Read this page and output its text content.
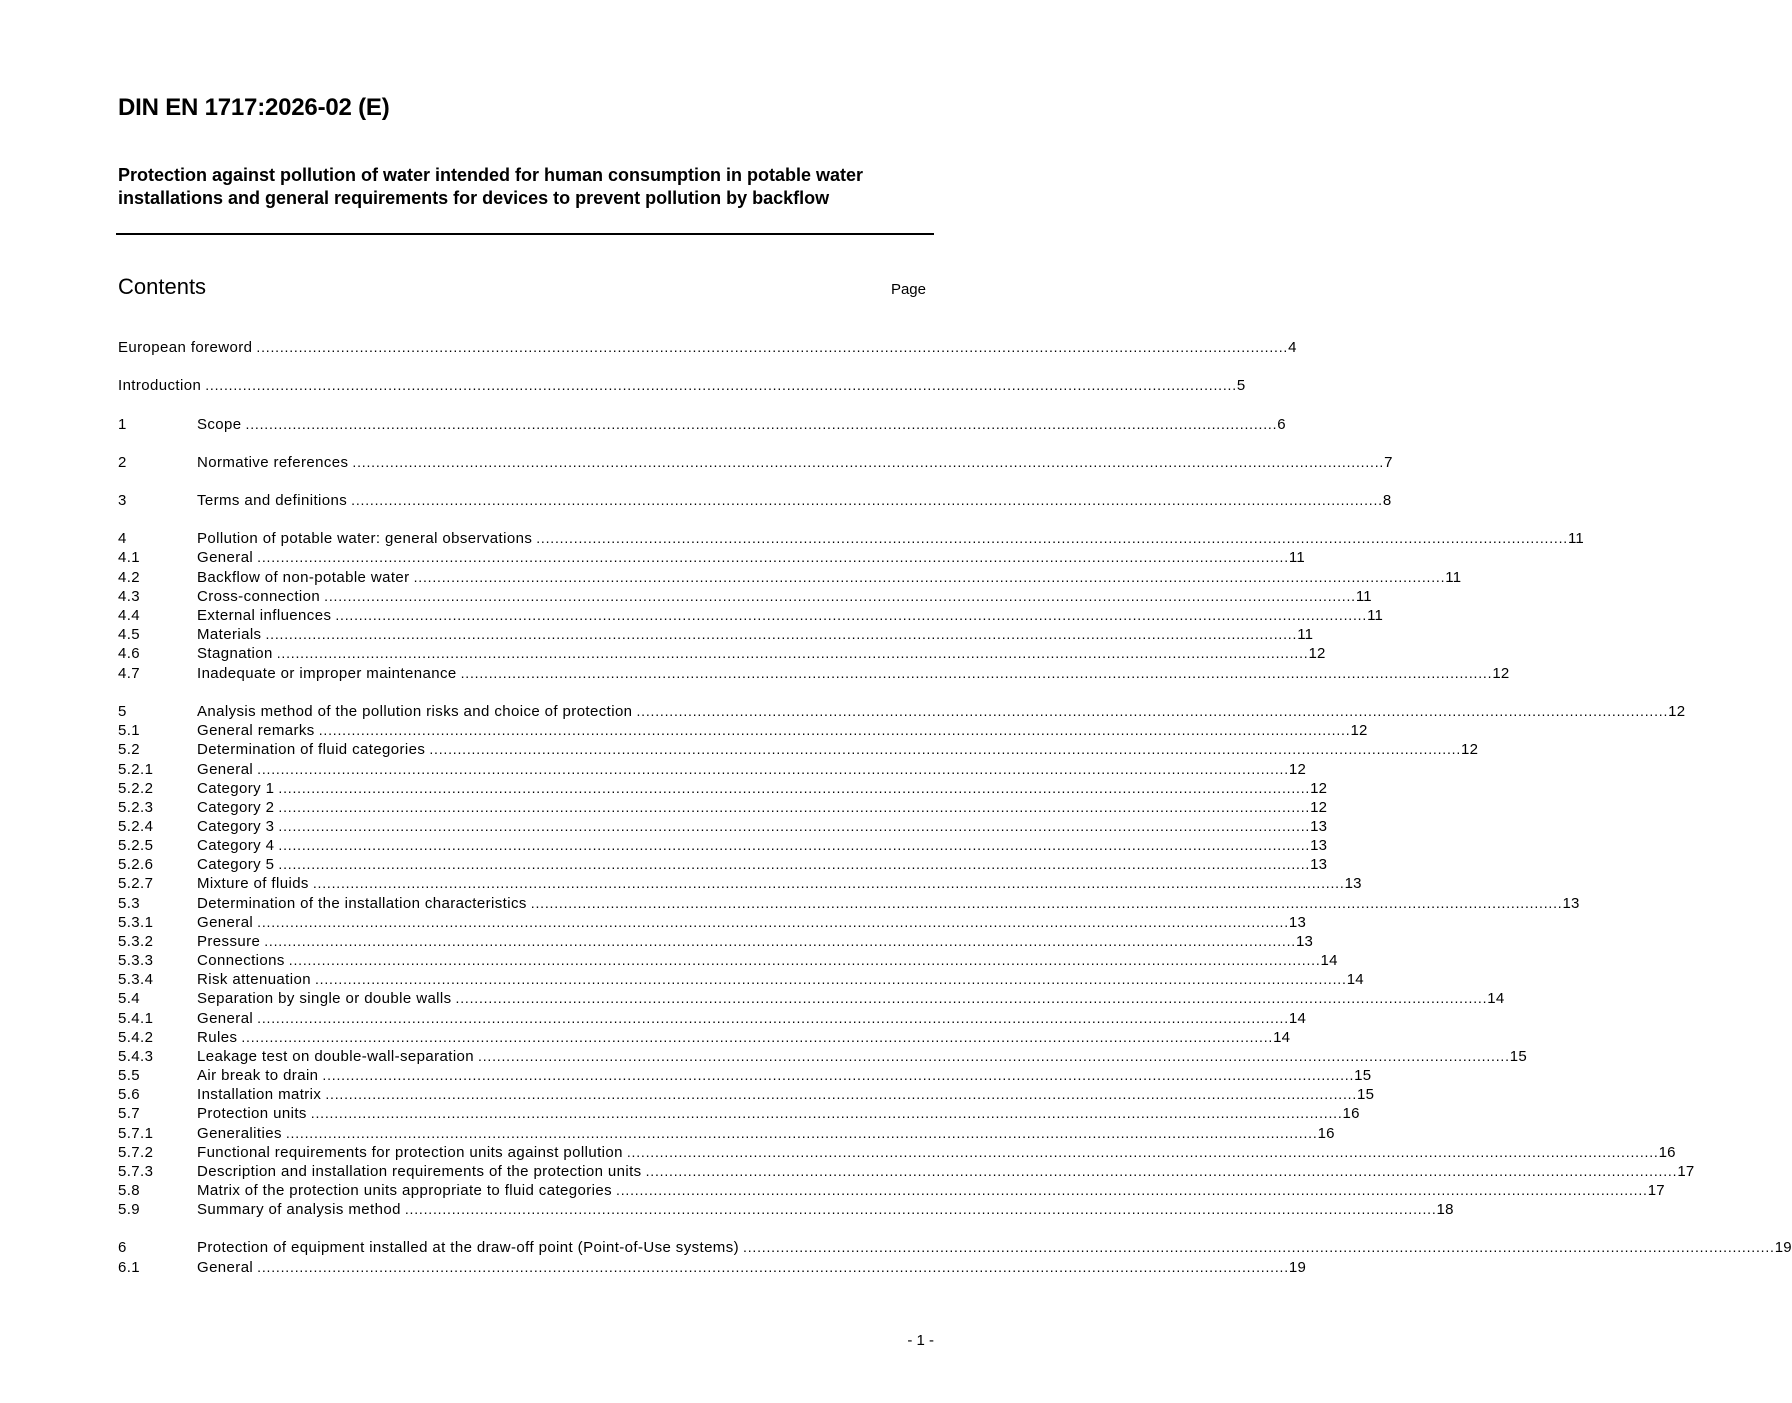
DIN EN 1717:2026-02 (E)
Protection against pollution of water intended for human consumption in potable water installations and general requirements for devices to prevent pollution by backflow
Contents	Page
European foreword ............................................................................................................................................................................................................................ 4
Introduction ............................................................................................................................................................................................................................ 5
1	Scope ............................................................................................................................................................................................................................ 6
2	Normative references ............................................................................................................................................................................................................................ 7
3	Terms and definitions ............................................................................................................................................................................................................................ 8
4	Pollution of potable water: general observations ............................................................................................................................................................................................................................ 11
4.1	General ............................................................................................................................................................................................................................ 11
4.2	Backflow of non-potable water ............................................................................................................................................................................................................................ 11
4.3	Cross-connection ............................................................................................................................................................................................................................ 11
4.4	External influences ............................................................................................................................................................................................................................ 11
4.5	Materials ............................................................................................................................................................................................................................ 11
4.6	Stagnation ............................................................................................................................................................................................................................ 12
4.7	Inadequate or improper maintenance ............................................................................................................................................................................................................................ 12
5	Analysis method of the pollution risks and choice of protection ............................................................................................................................................................................................................................ 12
5.1	General remarks ............................................................................................................................................................................................................................ 12
5.2	Determination of fluid categories ............................................................................................................................................................................................................................ 12
5.2.1	General ............................................................................................................................................................................................................................ 12
5.2.2	Category 1 ............................................................................................................................................................................................................................ 12
5.2.3	Category 2 ............................................................................................................................................................................................................................ 12
5.2.4	Category 3 ............................................................................................................................................................................................................................ 13
5.2.5	Category 4 ............................................................................................................................................................................................................................ 13
5.2.6	Category 5 ............................................................................................................................................................................................................................ 13
5.2.7	Mixture of fluids ............................................................................................................................................................................................................................ 13
5.3	Determination of the installation characteristics ............................................................................................................................................................................................................................ 13
5.3.1	General ............................................................................................................................................................................................................................ 13
5.3.2	Pressure ............................................................................................................................................................................................................................ 13
5.3.3	Connections ............................................................................................................................................................................................................................ 14
5.3.4	Risk attenuation ............................................................................................................................................................................................................................ 14
5.4	Separation by single or double walls ............................................................................................................................................................................................................................ 14
5.4.1	General ............................................................................................................................................................................................................................ 14
5.4.2	Rules ............................................................................................................................................................................................................................ 14
5.4.3	Leakage test on double-wall-separation ............................................................................................................................................................................................................................ 15
5.5	Air break to drain ............................................................................................................................................................................................................................ 15
5.6	Installation matrix ............................................................................................................................................................................................................................ 15
5.7	Protection units ............................................................................................................................................................................................................................ 16
5.7.1	Generalities ............................................................................................................................................................................................................................ 16
5.7.2	Functional requirements for protection units against pollution ............................................................................................................................................................................................................................ 16
5.7.3	Description and installation requirements of the protection units ............................................................................................................................................................................................................................ 17
5.8	Matrix of the protection units appropriate to fluid categories ............................................................................................................................................................................................................................ 17
5.9	Summary of analysis method ............................................................................................................................................................................................................................ 18
6	Protection of equipment installed at the draw-off point (Point-of-Use systems) ............................................................................................................................................................................................................................ 19
6.1	General ............................................................................................................................................................................................................................ 19
- 1 -
